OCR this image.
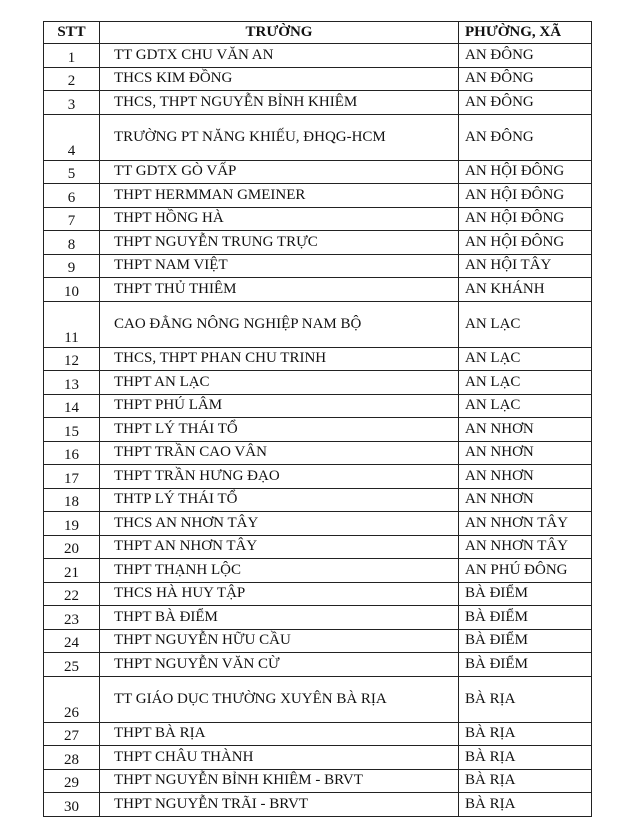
STT	TRƯỜNG	PHƯỜNG, XÃ
1	TT GDTX CHU VĂN AN	AN ĐÔNG
2	THCS KIM ĐỒNG	AN ĐÔNG
3	THCS, THPT NGUYỄN BỈNH KHIÊM	AN ĐÔNG
4	TRƯỜNG PT NĂNG KHIẾU, ĐHQG-HCM	AN ĐÔNG
5	TT GDTX GÒ VẤP	AN HỘI ĐÔNG
6	THPT HERMMAN GMEINER	AN HỘI ĐÔNG
7	THPT HỒNG HÀ	AN HỘI ĐÔNG
8	THPT NGUYỄN TRUNG TRỰC	AN HỘI ĐÔNG
9	THPT NAM VIỆT	AN HỘI TÂY
10	THPT THỦ THIÊM	AN KHÁNH
11	CAO ĐẲNG NÔNG NGHIỆP NAM BỘ	AN LẠC
12	THCS, THPT PHAN CHU TRINH	AN LẠC
13	THPT AN LẠC	AN LẠC
14	THPT PHÚ LÂM	AN LẠC
15	THPT LÝ THÁI TỔ	AN NHƠN
16	THPT TRẦN CAO VÂN	AN NHƠN
17	THPT TRẦN HƯNG ĐẠO	AN NHƠN
18	THTP LÝ THÁI TỔ	AN NHƠN
19	THCS AN NHƠN TÂY	AN NHƠN TÂY
20	THPT AN NHƠN TÂY	AN NHƠN TÂY
21	THPT THẠNH LỘC	AN PHÚ ĐÔNG
22	THCS HÀ HUY TẬP	BÀ ĐIỂM
23	THPT BÀ ĐIỂM	BÀ ĐIỂM
24	THPT NGUYỄN HỮU CẦU	BÀ ĐIỂM
25	THPT NGUYỄN VĂN CỪ	BÀ ĐIỂM
26	TT GIÁO DỤC THƯỜNG XUYÊN BÀ RỊA	BÀ RỊA
27	THPT BÀ RỊA	BÀ RỊA
28	THPT CHÂU THÀNH	BÀ RỊA
29	THPT NGUYỄN BỈNH KHIÊM - BRVT	BÀ RỊA
30	THPT NGUYỄN TRÃI - BRVT	BÀ RỊA
